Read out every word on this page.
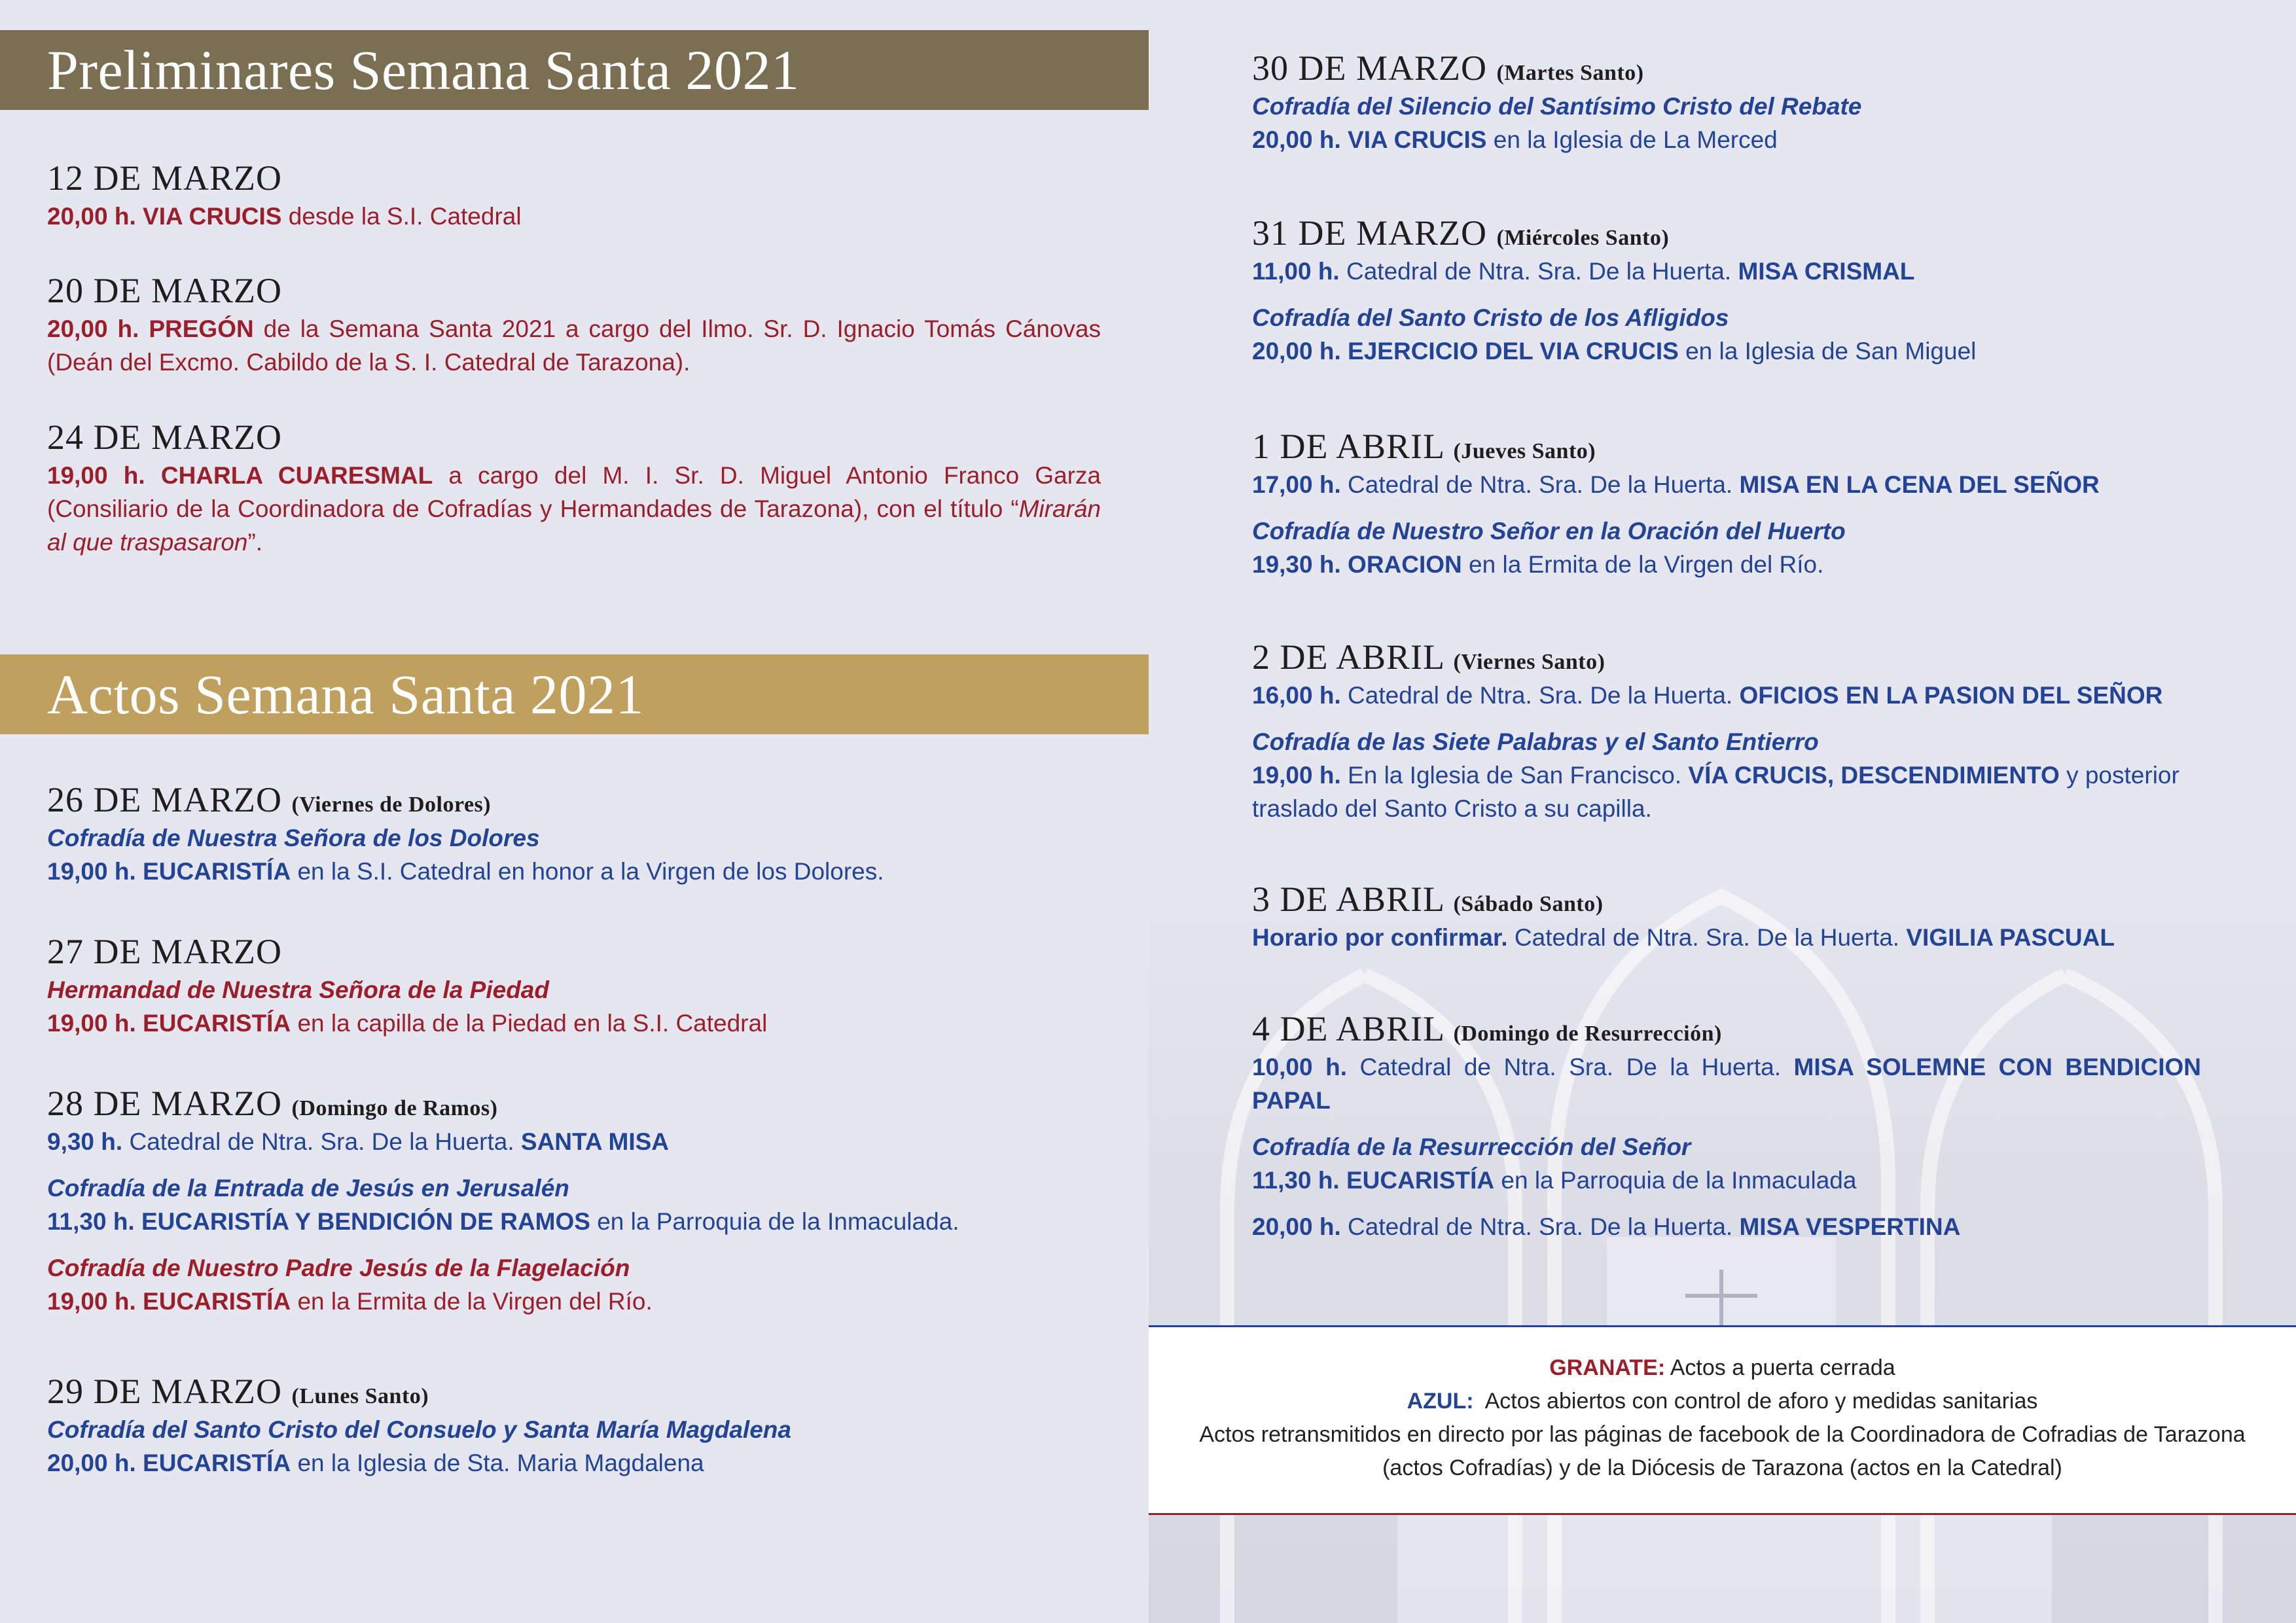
Preliminares Semana Santa 2021
Actos Semana Santa 2021

12 DE MARZO

20,00 h. VIA CRUCIS desde la S.I. Catedral

20 DE MARZO

20,00 h. PREGÓN de la Semana Santa 2021 a cargo del Ilmo. Sr. D. Ignacio Tomás Cánovas (Deán del Excmo. Cabildo de la S. I. Catedral de Tarazona).

24 DE MARZO

19,00 h. CHARLA CUARESMAL a cargo del M. I. Sr. D. Miguel Antonio Franco Garza (Consiliario de la Coordinadora de Cofradías y Hermandades de Tarazona), con el título “Mirarán al que traspasaron”.

26 DE MARZO (Viernes de Dolores)

Cofradía de Nuestra Señora de los Dolores

19,00 h. EUCARISTÍA en la S.I. Catedral en honor a la Virgen de los Dolores.

27 DE MARZO

Hermandad de Nuestra Señora de la Piedad

19,00 h. EUCARISTÍA en la capilla de la Piedad en la S.I. Catedral

28 DE MARZO (Domingo de Ramos)

9,30 h. Catedral de Ntra. Sra. De la Huerta. SANTA MISA

Cofradía de la Entrada de Jesús en Jerusalén

11,30 h. EUCARISTÍA Y BENDICIÓN DE RAMOS en la Parroquia de la Inmaculada.

Cofradía de Nuestro Padre Jesús de la Flagelación

19,00 h. EUCARISTÍA en la Ermita de la Virgen del Río.

29 DE MARZO (Lunes Santo)

Cofradía del Santo Cristo del Consuelo y Santa María Magdalena

20,00 h. EUCARISTÍA en la Iglesia de Sta. Maria Magdalena

30 DE MARZO (Martes Santo)

Cofradía del Silencio del Santísimo Cristo del Rebate

20,00 h. VIA CRUCIS en la Iglesia de La Merced

31 DE MARZO (Miércoles Santo)

11,00 h. Catedral de Ntra. Sra. De la Huerta. MISA CRISMAL

Cofradía del Santo Cristo de los Afligidos

20,00 h. EJERCICIO DEL VIA CRUCIS en la Iglesia de San Miguel

1 DE ABRIL (Jueves Santo)

17,00 h. Catedral de Ntra. Sra. De la Huerta. MISA EN LA CENA DEL SEÑOR

Cofradía de Nuestro Señor en la Oración del Huerto

19,30 h. ORACION en la Ermita de la Virgen del Río.

2 DE ABRIL (Viernes Santo)

16,00 h. Catedral de Ntra. Sra. De la Huerta. OFICIOS EN LA PASION DEL SEÑOR

Cofradía de las Siete Palabras y el Santo Entierro

19,00 h. En la Iglesia de San Francisco. VÍA CRUCIS, DESCENDIMIENTO y posterior traslado del Santo Cristo a su capilla.

3 DE ABRIL (Sábado Santo)

Horario por confirmar. Catedral de Ntra. Sra. De la Huerta. VIGILIA PASCUAL

4 DE ABRIL (Domingo de Resurrección)

10,00 h. Catedral de Ntra. Sra. De la Huerta. MISA SOLEMNE CON BENDICION PAPAL

Cofradía de la Resurrección del Señor

11,30 h. EUCARISTÍA en la Parroquia de la Inmaculada

20,00 h. Catedral de Ntra. Sra. De la Huerta. MISA VESPERTINA

GRANATE: Actos a puerta cerrada
AZUL:  Actos abiertos con control de aforo y medidas sanitarias
Actos retransmitidos en directo por las páginas de facebook de la Coordinadora de Cofradias de Tarazona (actos Cofradías) y de la Diócesis de Tarazona (actos en la Catedral)
